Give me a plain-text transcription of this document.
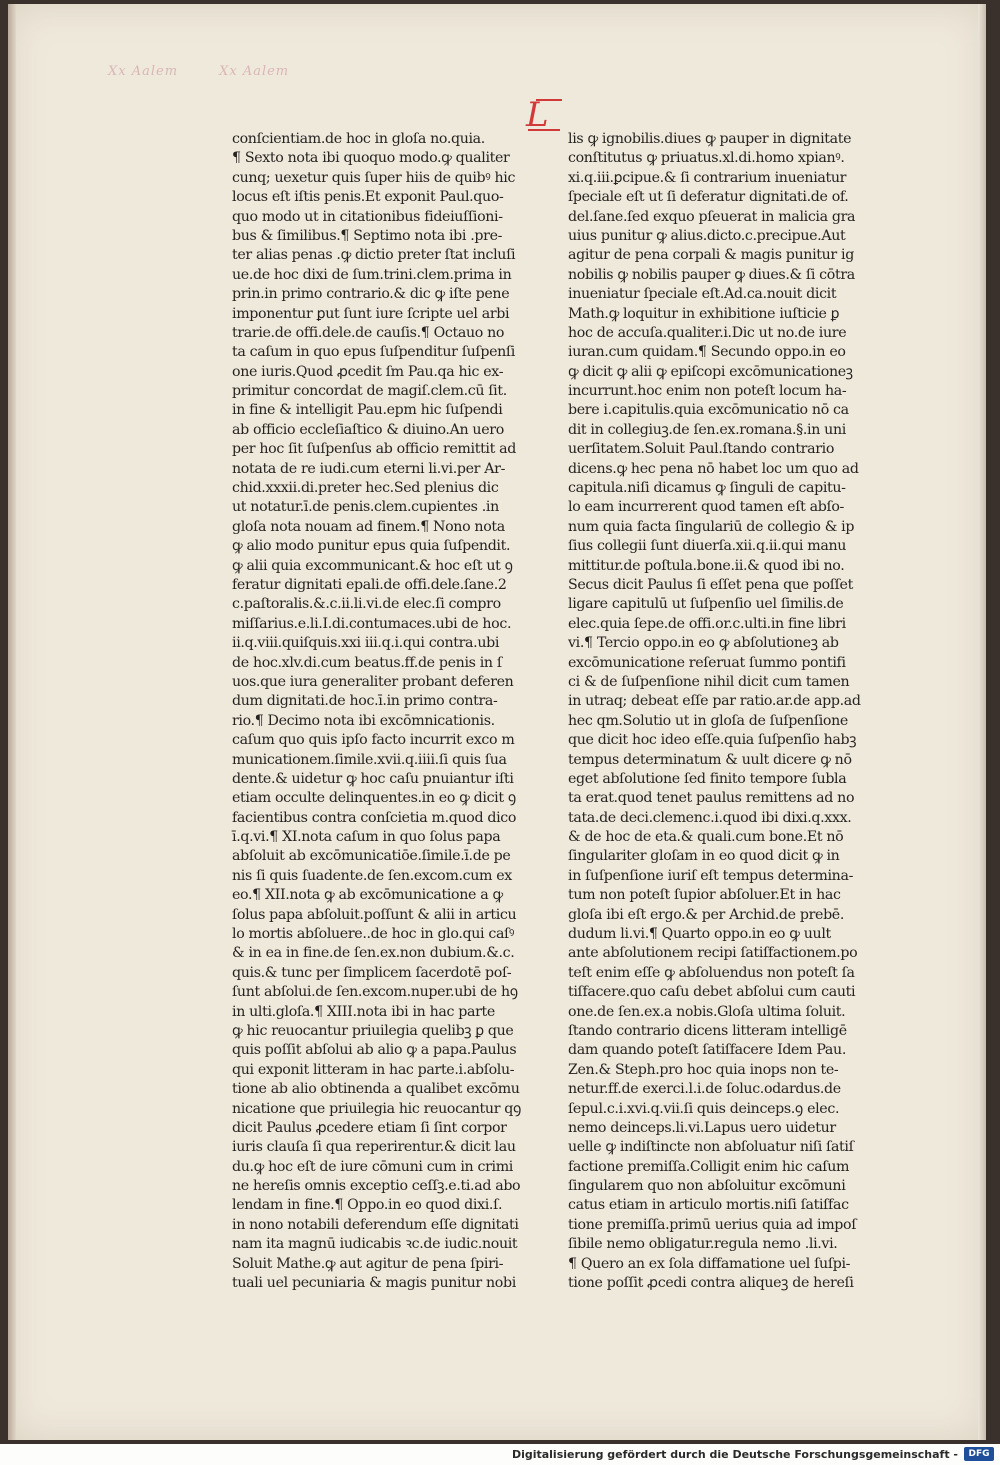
Xx Aalem        Xx Aalem
L
conſcientiam.de hoc in gloſa no.quia.
¶ Sexto nota ibi quoquo modo.ꝙ qualiter
cunq; uexetur quis ſuper hiis de quibꝰ hic
locus eſt iſtis penis.Et exponit Paul.quo-
quo modo ut in citationibus fideiuſſioni-
bus & ſimilibus.¶ Septimo nota ibi .pre-
ter alias penas .ꝙ dictio preter ſtat incluſi
ue.de hoc dixi de ſum.trini.clem.prima in
prin.in primo contrario.& dic ꝙ iſte pene
imponentur ꝑut ſunt iure ſcripte uel arbi
trarie.de offi.dele.de cauſis.¶ Octauo no
ta caſum in quo epus ſuſpenditur ſuſpenſi
one iuris.Quod ꝓcedit ſm Pau.qa hic ex-
primitur concordat de magiſ.clem.cū ſit.
in fine & intelligit Pau.epm hic ſuſpendi
ab officio eccleſiaſtico & diuino.An uero
per hoc ſit ſuſpenſus ab officio remittit ad
notata de re iudi.cum eterni li.vi.per Ar-
chid.xxxii.di.preter hec.Sed plenius dic
ut notatur.ī.de penis.clem.cupientes .in
gloſa nota nouam ad finem.¶ Nono nota
ꝙ alio modo punitur epus quia ſuſpendit.
ꝙ alii quia excommunicant.& hoc eſt ut ꝯ
feratur dignitati epali.de offi.dele.ſane.2
c.paſtoralis.&.c.ii.li.vi.de elec.ſi compro
miſſarius.e.li.I.di.contumaces.ubi de hoc.
ii.q.viii.quiſquis.xxi iii.q.i.qui contra.ubi
de hoc.xlv.di.cum beatus.ff.de penis in ſ
uos.que iura generaliter probant deferen
dum dignitati.de hoc.ī.in primo contra-
rio.¶ Decimo nota ibi excōmnicationis.
caſum quo quis ipſo facto incurrit exco m
municationem.ſimile.xvii.q.iiii.ſi quis ſua
dente.& uidetur ꝙ hoc caſu pnuiantur iſti
etiam occulte delinquentes.in eo ꝙ dicit ꝯ
facientibus contra conſcietia m.quod dico
ī.q.vi.¶ XI.nota caſum in quo ſolus papa
abſoluit ab excōmunicatiōe.ſimile.ī.de pe
nis ſi quis ſuadente.de ſen.excom.cum ex
eo.¶ XII.nota ꝙ ab excōmunicatione a ꝙ
ſolus papa abſoluit.poſſunt & alii in articu
lo mortis abſoluere..de hoc in glo.qui caſꝰ
& in ea in fine.de ſen.ex.non dubium.&.c.
quis.& tunc per ſimplicem ſacerdotē poſ-
ſunt abſolui.de ſen.excom.nuper.ubi de hꝯ
in ulti.gloſa.¶ XIII.nota ibi in hac parte
ꝙ hic reuocantur priuilegia quelibꝫ ꝑ que
quis poſſit abſolui ab alio ꝙ a papa.Paulus
qui exponit litteram in hac parte.i.abſolu-
tione ab alio obtinenda a qualibet excōmu
nicatione que priuilegia hic reuocantur qꝯ
dicit Paulus ꝓcedere etiam ſi ſint corpor
iuris clauſa ſi qua reperirentur.& dicit lau
du.ꝙ hoc eſt de iure cōmuni cum in crimi
ne hereſis omnis exceptio ceſſꝫ.e.ti.ad abo
lendam in fine.¶ Oppo.in eo quod dixi.ſ.
in nono notabili deferendum eſſe dignitati
nam ita magnū iudicabis ꝛc.de iudic.nouit
Soluit Mathe.ꝙ aut agitur de pena ſpiri-
tuali uel pecuniaria & magis punitur nobi
lis ꝙ ignobilis.diues ꝙ pauper in dignitate
conſtitutus ꝙ priuatus.xl.di.homo xpianꝰ.
xi.q.iii.ꝑcipue.& ſi contrarium inueniatur
ſpeciale eſt ut ſi deferatur dignitati.de of.
del.ſane.ſed exquo pſeuerat in malicia gra
uius punitur ꝙ alius.dicto.c.precipue.Aut
agitur de pena corpali & magis punitur ig
nobilis ꝙ nobilis pauper ꝙ diues.& ſi cōtra
inueniatur ſpeciale eſt.Ad.ca.nouit dicit
Math.ꝙ loquitur in exhibitione iuſticie ꝑ
hoc de accuſa.qualiter.i.Dic ut no.de iure
iuran.cum quidam.¶ Secundo oppo.in eo
ꝙ dicit ꝙ alii ꝙ epiſcopi excōmunicationeꝫ
incurrunt.hoc enim non poteſt locum ha-
bere i.capitulis.quia excōmunicatio nō ca
dit in collegiuꝫ.de ſen.ex.romana.§.in uni
uerſitatem.Soluit Paul.ſtando contrario
dicens.ꝙ hec pena nō habet loc um quo ad
capitula.niſi dicamus ꝙ ſinguli de capitu-
lo eam incurrerent quod tamen eſt abſo-
num quia facta ſingulariū de collegio & ip
ſius collegii ſunt diuerſa.xii.q.ii.qui manu
mittitur.de poſtula.bone.ii.& quod ibi no.
Secus dicit Paulus ſi eſſet pena que poſſet
ligare capitulū ut ſuſpenſio uel ſimilis.de
elec.quia ſepe.de offi.or.c.ulti.in fine libri
vi.¶ Tercio oppo.in eo ꝙ abſolutioneꝫ ab
excōmunicatione reſeruat ſummo pontifi
ci & de ſuſpenſione nihil dicit cum tamen
in utraq; debeat eſſe par ratio.ar.de app.ad
hec qm.Solutio ut in gloſa de ſuſpenſione
que dicit hoc ideo eſſe.quia ſuſpenſio habꝫ
tempus determinatum & uult dicere ꝙ nō
eget abſolutione ſed finito tempore ſubla
ta erat.quod tenet paulus remittens ad no
tata.de deci.clemenc.i.quod ibi dixi.q.xxx.
& de hoc de eta.& quali.cum bone.Et nō
ſingulariter gloſam in eo quod dicit ꝙ in
in ſuſpenſione iuriſ eſt tempus determina-
tum non poteſt ſupior abſoluer.Et in hac
gloſa ibi eſt ergo.& per Archid.de prebē.
dudum li.vi.¶ Quarto oppo.in eo ꝙ uult
ante abſolutionem recipi ſatiſfactionem.po
teſt enim eſſe ꝙ abſoluendus non poteſt ſa
tiſfacere.quo caſu debet abſolui cum cauti
one.de ſen.ex.a nobis.Gloſa ultima ſoluit.
ſtando contrario dicens litteram intelligē
dam quando poteſt ſatiſfacere Idem Pau.
Zen.& Steph.pro hoc quia inops non te-
netur.ff.de exerci.l.i.de ſoluc.odardus.de
ſepul.c.i.xvi.q.vii.ſi quis deinceps.ꝯ elec.
nemo deinceps.li.vi.Lapus uero uidetur
uelle ꝙ indiſtincte non abſoluatur niſi ſatiſ
factione premiſſa.Colligit enim hic caſum
ſingularem quo non abſoluitur excōmuni
catus etiam in articulo mortis.niſi ſatiſfac
tione premiſſa.primū uerius quia ad impoſ
ſibile nemo obligatur.regula nemo .li.vi.
¶ Quero an ex ſola diffamatione uel ſuſpi-
tione poſſit ꝓcedi contra aliqueꝫ de hereſi
Digitalisierung gefördert durch die Deutsche Forschungsgemeinschaft -	DFG
